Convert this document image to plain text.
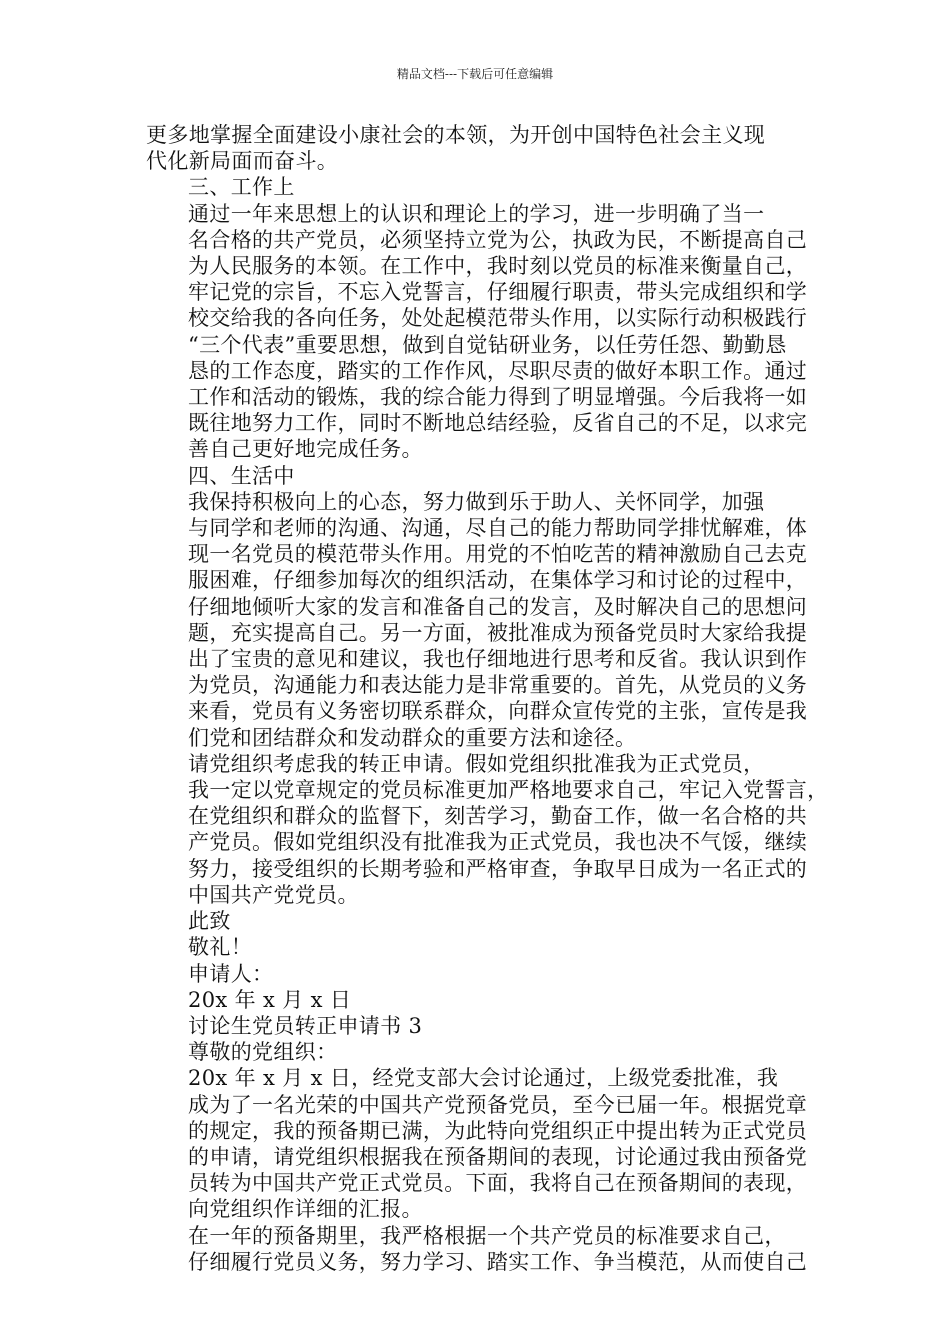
精品文档---下载后可任意编辑
更多地掌握全面建设小康社会的本领，为开创中国特色社会主义现
代化新局面而奋斗。
三、工作上
通过一年来思想上的认识和理论上的学习，进一步明确了当一
名合格的共产党员，必须坚持立党为公，执政为民，不断提高自己
为人民服务的本领。在工作中，我时刻以党员的标准来衡量自己，
牢记党的宗旨，不忘入党誓言，仔细履行职责，带头完成组织和学
校交给我的各向任务，处处起模范带头作用，以实际行动积极践行
“三个代表”重要思想，做到自觉钻研业务，以任劳任怨、勤勤恳
恳的工作态度，踏实的工作作风，尽职尽责的做好本职工作。通过
工作和活动的锻炼，我的综合能力得到了明显增强。今后我将一如
既往地努力工作，同时不断地总结经验，反省自己的不足，以求完
善自己更好地完成任务。
四、生活中
我保持积极向上的心态，努力做到乐于助人、关怀同学，加强
与同学和老师的沟通、沟通，尽自己的能力帮助同学排忧解难，体
现一名党员的模范带头作用。用党的不怕吃苦的精神激励自己去克
服困难，仔细参加每次的组织活动，在集体学习和讨论的过程中，
仔细地倾听大家的发言和准备自己的发言，及时解决自己的思想问
题，充实提高自己。另一方面，被批准成为预备党员时大家给我提
出了宝贵的意见和建议，我也仔细地进行思考和反省。我认识到作
为党员，沟通能力和表达能力是非常重要的。首先，从党员的义务
来看，党员有义务密切联系群众，向群众宣传党的主张，宣传是我
们党和团结群众和发动群众的重要方法和途径。
请党组织考虑我的转正申请。假如党组织批准我为正式党员，
我一定以党章规定的党员标准更加严格地要求自己，牢记入党誓言，
在党组织和群众的监督下，刻苦学习，勤奋工作，做一名合格的共
产党员。假如党组织没有批准我为正式党员，我也决不气馁，继续
努力，接受组织的长期考验和严格审查，争取早日成为一名正式的
中国共产党党员。
此致
敬礼！
申请人：
20x 年 x 月 x 日
讨论生党员转正申请书 3
尊敬的党组织：
20x 年 x 月 x 日，经党支部大会讨论通过，上级党委批准，我
成为了一名光荣的中国共产党预备党员，至今已届一年。根据党章
的规定，我的预备期已满，为此特向党组织正中提出转为正式党员
的申请，请党组织根据我在预备期间的表现，讨论通过我由预备党
员转为中国共产党正式党员。下面，我将自己在预备期间的表现，
向党组织作详细的汇报。
在一年的预备期里，我严格根据一个共产党员的标准要求自己，
仔细履行党员义务，努力学习、踏实工作、争当模范，从而使自己
